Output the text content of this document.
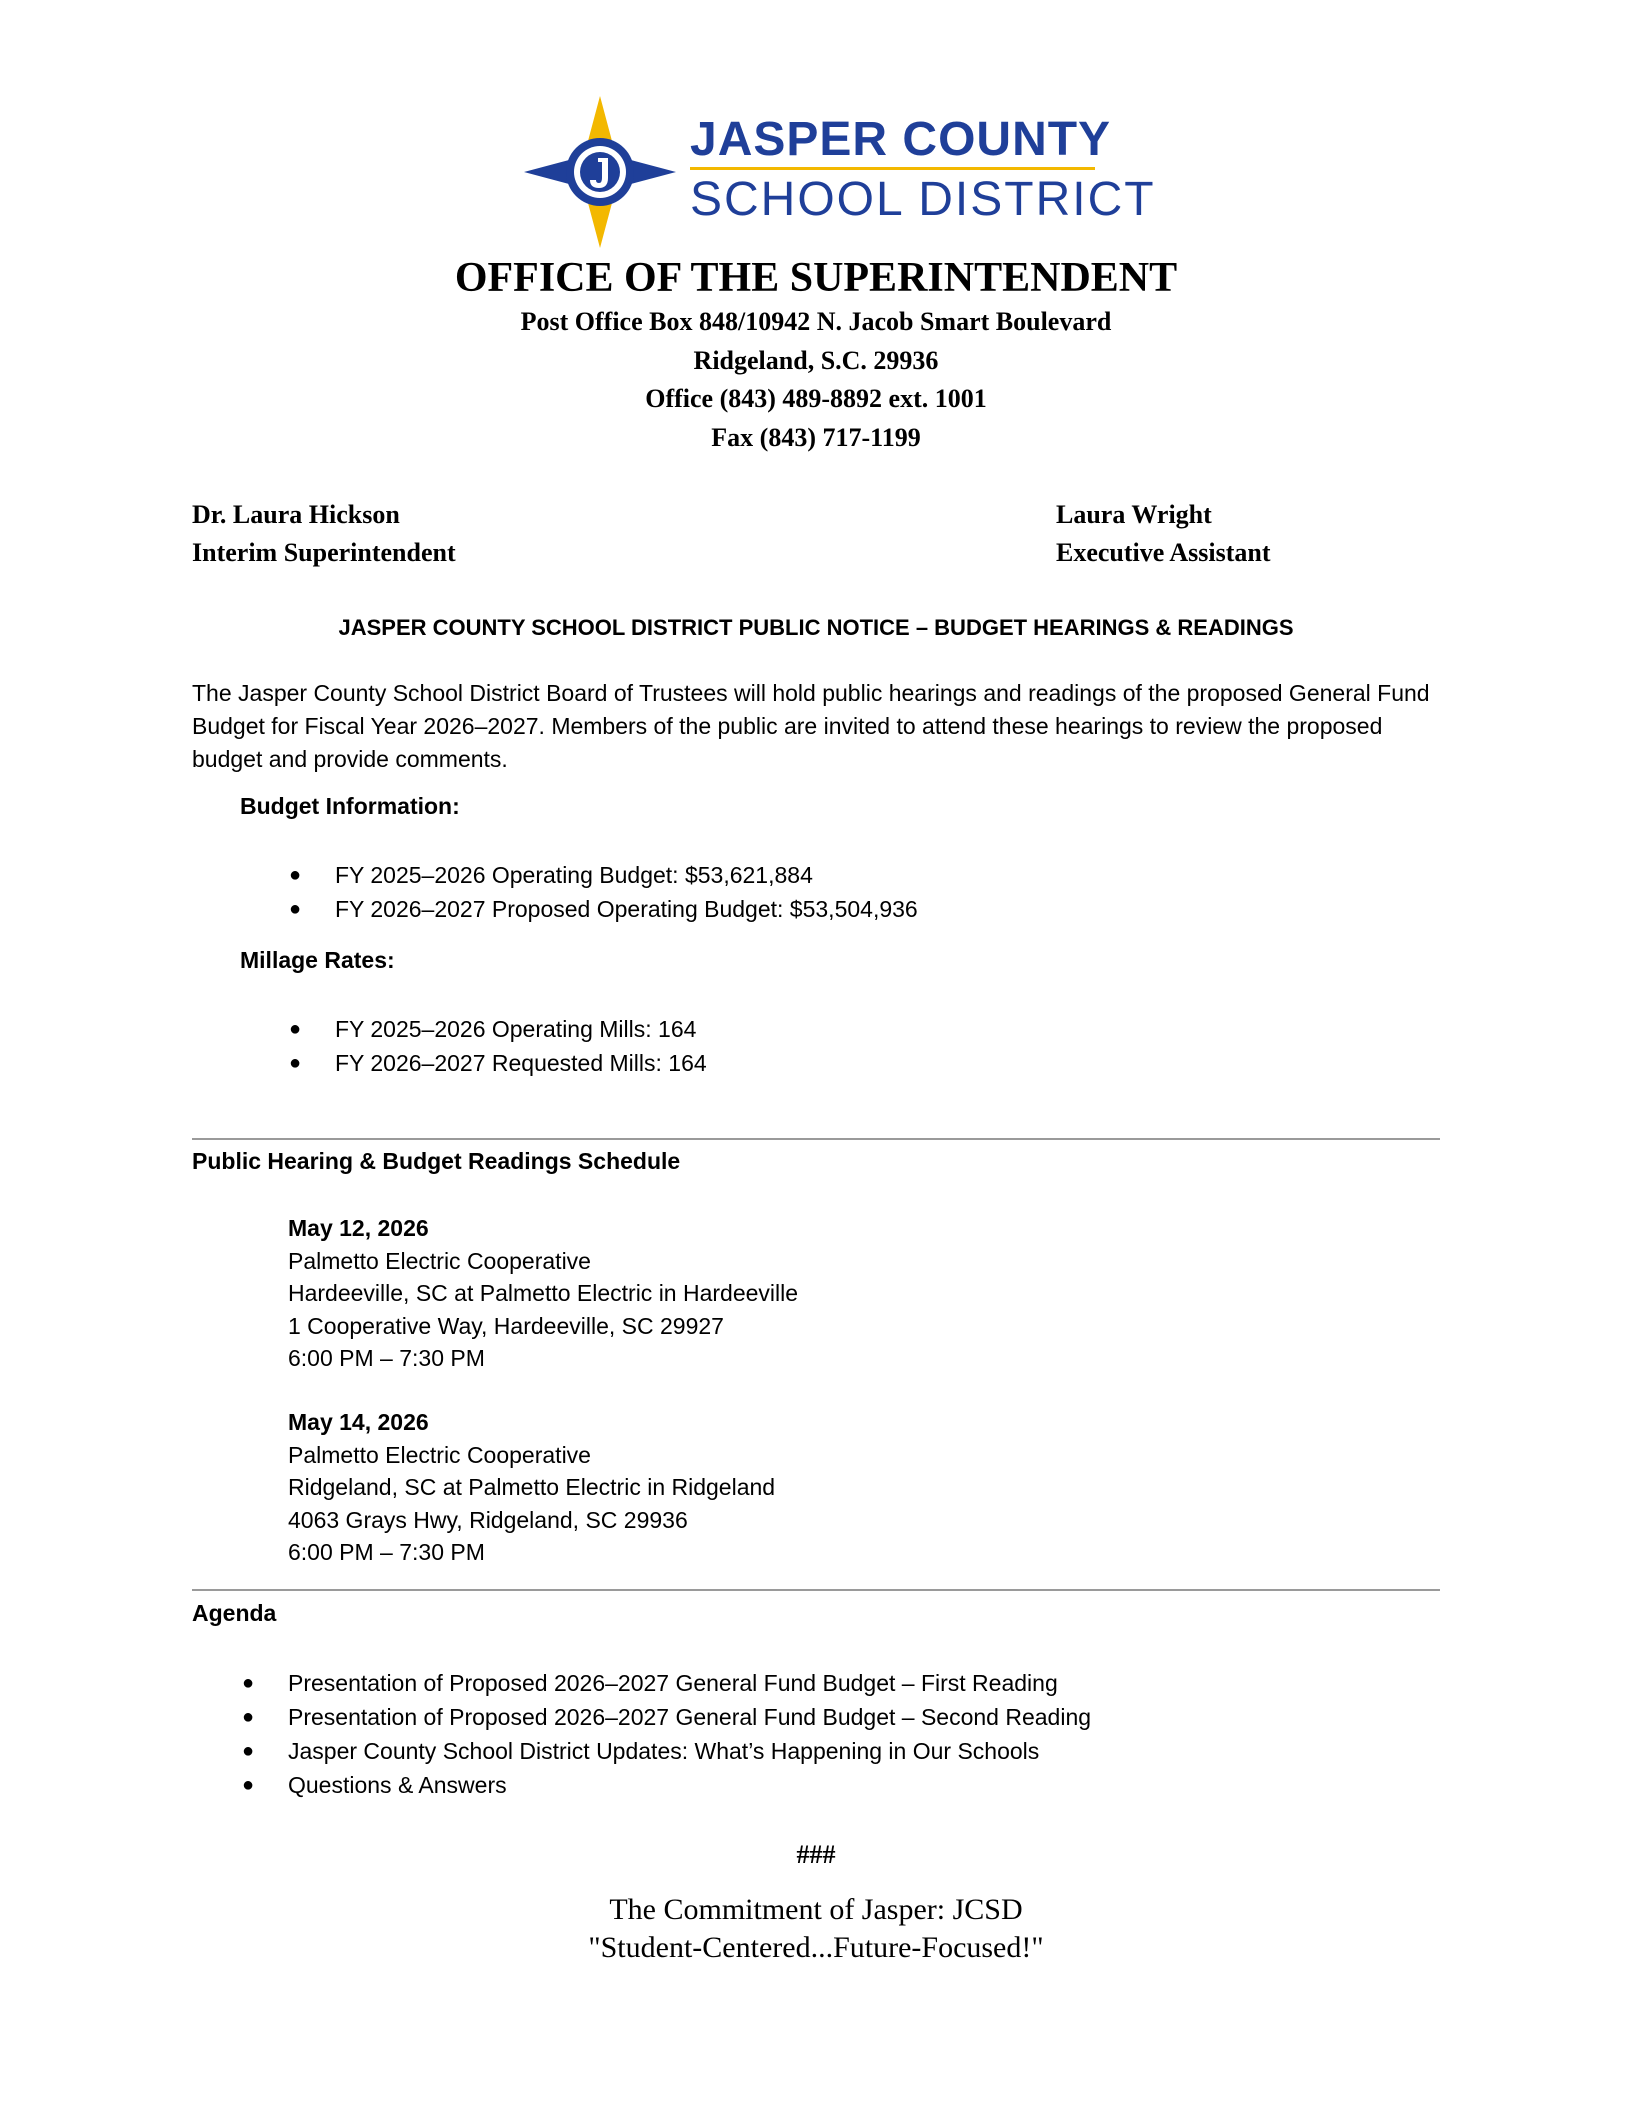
JASPER COUNTY
SCHOOL DISTRICT
OFFICE OF THE SUPERINTENDENT
Post Office Box 848/10942 N. Jacob Smart Boulevard
Ridgeland, S.C. 29936
Office (843) 489-8892 ext. 1001
Fax (843) 717-1199
Dr. Laura Hickson
Interim Superintendent
Laura Wright
Executive Assistant
JASPER COUNTY SCHOOL DISTRICT PUBLIC NOTICE – BUDGET HEARINGS & READINGS
The Jasper County School District Board of Trustees will hold public hearings and readings of the proposed General Fund Budget for Fiscal Year 2026–2027. Members of the public are invited to attend these hearings to review the proposed budget and provide comments.
Budget Information:
● FY 2025–2026 Operating Budget: $53,621,884
● FY 2026–2027 Proposed Operating Budget: $53,504,936
Millage Rates:
● FY 2025–2026 Operating Mills: 164
● FY 2026–2027 Requested Mills: 164
Public Hearing & Budget Readings Schedule
May 12, 2026
Palmetto Electric Cooperative
Hardeeville, SC at Palmetto Electric in Hardeeville
1 Cooperative Way, Hardeeville, SC 29927
6:00 PM – 7:30 PM
May 14, 2026
Palmetto Electric Cooperative
Ridgeland, SC at Palmetto Electric in Ridgeland
4063 Grays Hwy, Ridgeland, SC 29936
6:00 PM – 7:30 PM
Agenda
● Presentation of Proposed 2026–2027 General Fund Budget – First Reading
● Presentation of Proposed 2026–2027 General Fund Budget – Second Reading
● Jasper County School District Updates: What’s Happening in Our Schools
● Questions & Answers
###
The Commitment of Jasper: JCSD
"Student-Centered...Future-Focused!"
